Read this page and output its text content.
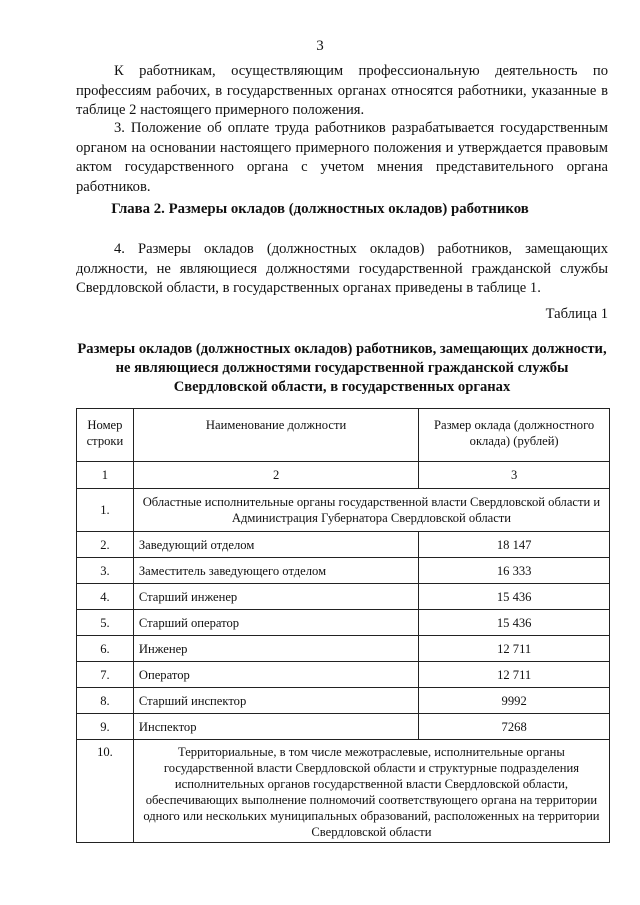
3

К работникам, осуществляющим профессиональную деятельность по профессиям рабочих, в государственных органах относятся работники, указанные в таблице 2 настоящего примерного положения.

3. Положение об оплате труда работников разрабатывается государственным органом на основании настоящего примерного положения и утверждается правовым актом государственного органа с учетом мнения представительного органа работников.

Глава 2. Размеры окладов (должностных окладов) работников

4. Размеры окладов (должностных окладов) работников, замещающих должности, не являющиеся должностями государственной гражданской службы Свердловской области, в государственных органах приведены в таблице 1.

Таблица 1
Размеры окладов (должностных окладов) работников, замещающих должности, не являющиеся должностями государственной гражданской службы Свердловской области, в государственных органах
Номер строки	Наименование должности	Размер оклада (должностного оклада) (рублей)
1	2	3
1.	Областные исполнительные органы государственной власти Свердловской области и Администрация Губернатора Свердловской области	
2.	Заведующий отделом	18 147
3.	Заместитель заведующего отделом	16 333
4.	Старший инженер	15 436
5.	Старший оператор	15 436
6.	Инженер	12 711
7.	Оператор	12 711
8.	Старший инспектор	9992
9.	Инспектор	7268
10.	Территориальные, в том числе межотраслевые, исполнительные органы государственной власти Свердловской области и структурные подразделения исполнительных органов государственной власти Свердловской области, обеспечивающих выполнение полномочий соответствующего органа на территории одного или нескольких муниципальных образований, расположенных на территории Свердловской области	
